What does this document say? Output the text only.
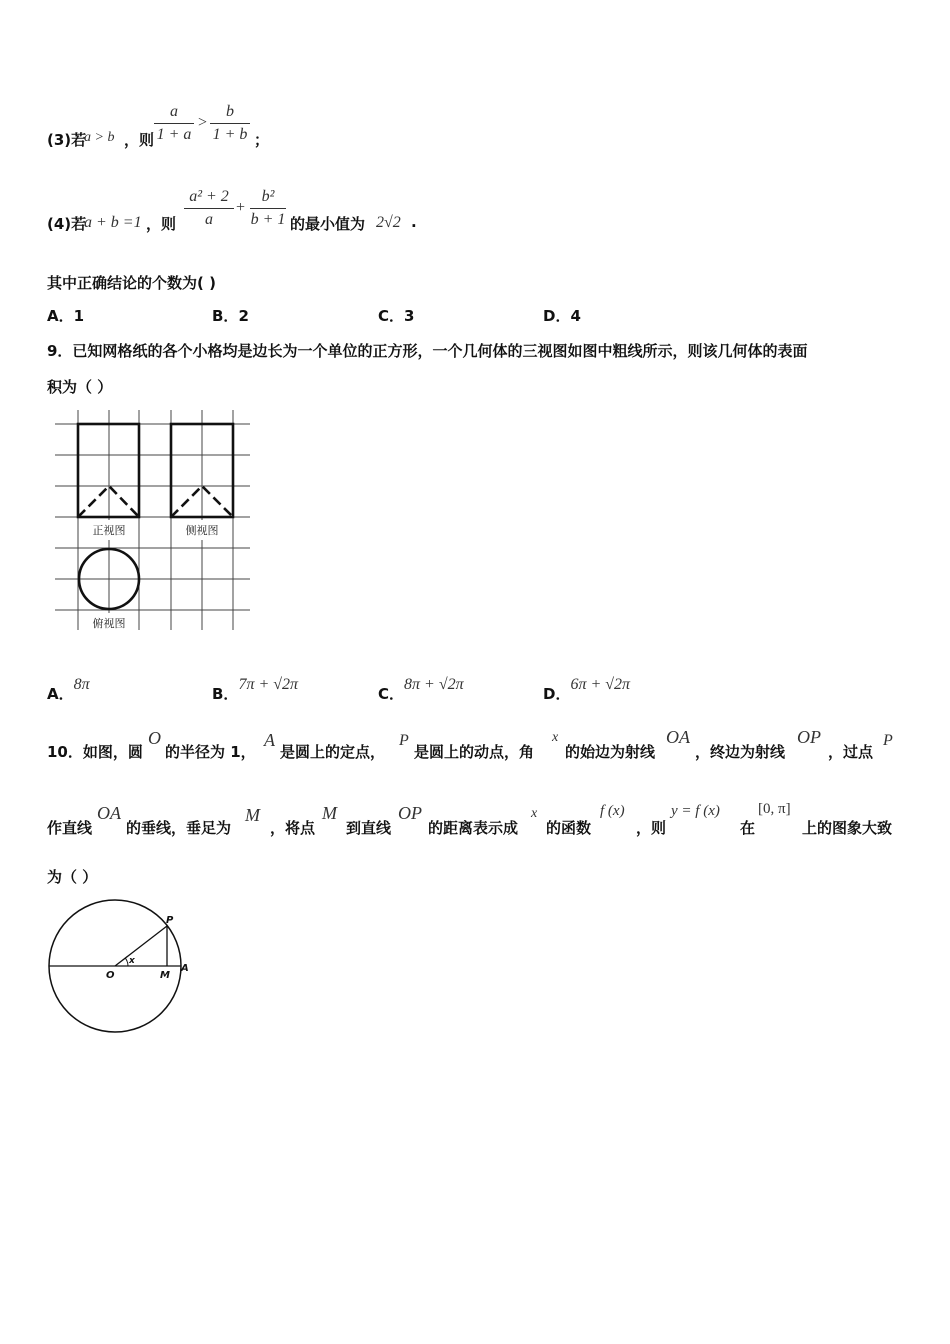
(3)若
a > b ，则
a
1 + a
>
b
1 + b ；
(4)若
a + b =1 ，则
a² + 2
a
+
b²
b + 1 的最小值为 2√2 .
其中正确结论的个数为( )
A．1	B．2	C．3	D．4
9．已知网格纸的各个小格均是边长为一个单位的正方形，一个几何体的三视图如图中粗线所示，则该几何体的表面
积为（ ）
正视图	侧视图
俯视图
A．8π
B．7π + √2π
C．8π + √2π
D．6π + √2π
10．如图，圆
O
的半径为 1，
A
是圆上的定点，
P
是圆上的动点，角
x
的始边为射线
OA
，终边为射线
OP
，过点
P
作直线
OA
的垂线，垂足为
M
，将点
M
到直线
OP
的距离表示成
x
的函数
f (x)
，则
y = f (x)
在
[0, π]
上的图象大致
为（ ）
O	M
A
P
x
